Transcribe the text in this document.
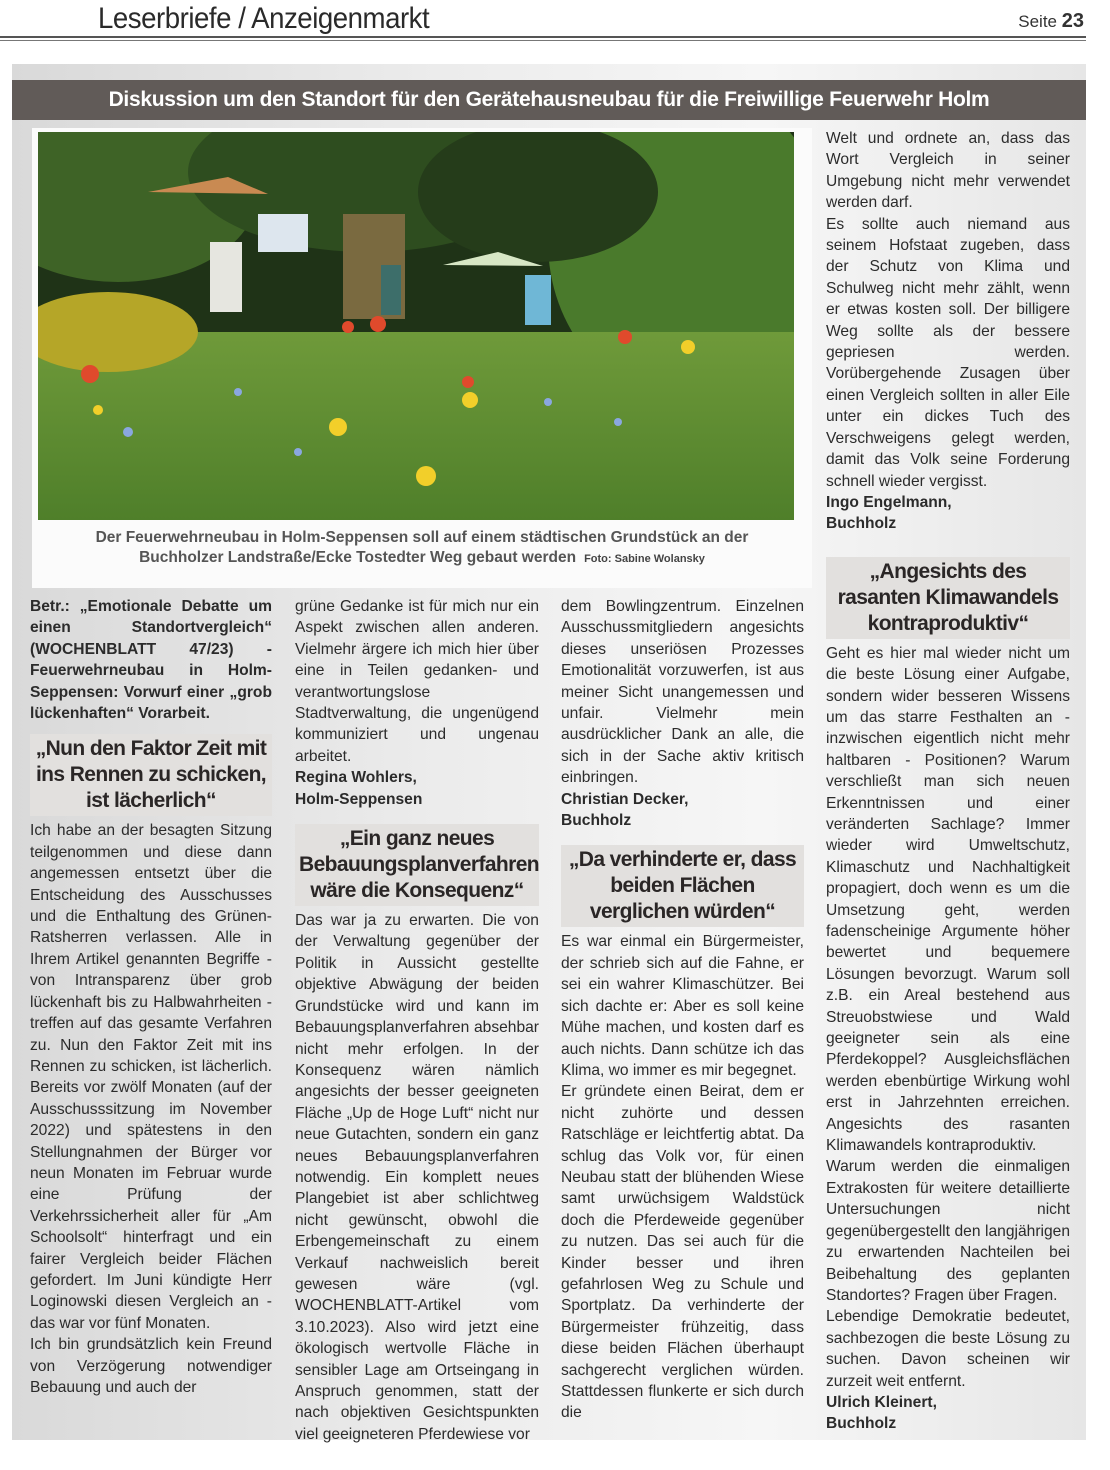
Leserbriefe / Anzeigenmarkt	Seite 23
Diskussion um den Standort für den Gerätehausneubau für die Freiwillige Feuerwehr Holm
Der Feuerwehrneubau in Holm-Seppensen soll auf einem städtischen Grundstück an der
Buchholzer Landstraße/Ecke Tostedter Weg gebaut werden Foto: Sabine Wolansky

Betr.: „Emotionale Debatte um einen Standortvergleich“ (WOCHENBLATT 47/23) - Feuerwehrneubau in Holm-Seppensen: Vorwurf einer „grob lückenhaften“ Vorarbeit.

„Nun den Faktor Zeit mit ins Rennen zu schicken, ist lächerlich“

Ich habe an der besagten Sitzung teilgenommen und diese dann angemessen entsetzt über die Entscheidung des Ausschusses und die Enthaltung des Grünen-Ratsherren verlassen. Alle in Ihrem Artikel genannten Begriffe - von Intransparenz über grob lückenhaft bis zu Halbwahrheiten - treffen auf das gesamte Verfahren zu. Nun den Faktor Zeit mit ins Rennen zu schicken, ist lächerlich. Bereits vor zwölf Monaten (auf der Ausschusssitzung im November 2022) und spätestens in den Stellungnahmen der Bürger vor neun Monaten im Februar wurde eine Prüfung der Verkehrssicherheit aller für „Am Schoolsolt“ hinterfragt und ein fairer Vergleich beider Flächen gefordert. Im Juni kündigte Herr Loginowski diesen Vergleich an - das war vor fünf Monaten.

Ich bin grundsätzlich kein Freund von Verzögerung notwendiger Bebauung und auch der

grüne Gedanke ist für mich nur ein Aspekt zwischen allen anderen. Vielmehr ärgere ich mich hier über eine in Teilen gedanken- und verantwortungslose Stadtverwaltung, die ungenügend kommuniziert und ungenau arbeitet.

Regina Wohlers,

Holm-Seppensen

„Ein ganz neues Bebauungsplanverfahren wäre die Konsequenz“

Das war ja zu erwarten. Die von der Verwaltung gegenüber der Politik in Aussicht gestellte objektive Abwägung der beiden Grundstücke wird und kann im Bebauungsplanverfahren absehbar nicht mehr erfolgen. In der Konsequenz wären nämlich angesichts der besser geeigneten Fläche „Up de Hoge Luft“ nicht nur neue Gutachten, sondern ein ganz neues Bebauungsplanverfahren notwendig. Ein komplett neues Plangebiet ist aber schlichtweg nicht gewünscht, obwohl die Erbengemeinschaft zu einem Verkauf nachweislich bereit gewesen wäre (vgl. WOCHENBLATT-Artikel vom 3.10.2023). Also wird jetzt eine ökologisch wertvolle Fläche in sensibler Lage am Ortseingang in Anspruch genommen, statt der nach objektiven Gesichtspunkten viel geeigneteren Pferdewiese vor

dem Bowlingzentrum. Einzelnen Ausschussmitgliedern angesichts dieses unseriösen Prozesses Emotionalität vorzuwerfen, ist aus meiner Sicht unangemessen und unfair. Vielmehr mein ausdrücklicher Dank an alle, die sich in der Sache aktiv kritisch einbringen.

Christian Decker,

Buchholz

„Da verhinderte er, dass beiden Flächen verglichen würden“

Es war einmal ein Bürgermeister, der schrieb sich auf die Fahne, er sei ein wahrer Klimaschützer. Bei sich dachte er: Aber es soll keine Mühe machen, und kosten darf es auch nichts. Dann schütze ich das Klima, wo immer es mir begegnet.

Er gründete einen Beirat, dem er nicht zuhörte und dessen Ratschläge er leichtfertig abtat. Da schlug das Volk vor, für einen Neubau statt der blühenden Wiese samt urwüchsigem Waldstück doch die Pferdeweide gegenüber zu nutzen. Das sei auch für die Kinder besser und ihren gefahrlosen Weg zu Schule und Sportplatz. Da verhinderte der Bürgermeister frühzeitig, dass diese beiden Flächen überhaupt sachgerecht verglichen würden. Stattdessen flunkerte er sich durch die

Welt und ordnete an, dass das Wort Vergleich in seiner Umgebung nicht mehr verwendet werden darf.

Es sollte auch niemand aus seinem Hofstaat zugeben, dass der Schutz von Klima und Schulweg nicht mehr zählt, wenn er etwas kosten soll. Der billigere Weg sollte als der bessere gepriesen werden. Vorübergehende Zusagen über einen Vergleich sollten in aller Eile unter ein dickes Tuch des Verschweigens gelegt werden, damit das Volk seine Forderung schnell wieder vergisst.

Ingo Engelmann,

Buchholz

„Angesichts des rasanten Klimawandels kontraproduktiv“

Geht es hier mal wieder nicht um die beste Lösung einer Aufgabe, sondern wider besseren Wissens um das starre Festhalten an - inzwischen eigentlich nicht mehr haltbaren - Positionen? Warum verschließt man sich neuen Erkenntnissen und einer veränderten Sachlage? Immer wieder wird Umweltschutz, Klimaschutz und Nachhaltigkeit propagiert, doch wenn es um die Umsetzung geht, werden fadenscheinige Argumente höher bewertet und bequemere Lösungen bevorzugt. Warum soll z.B. ein Areal bestehend aus Streuobstwiese und Wald geeigneter sein als eine Pferdekoppel? Ausgleichsflächen werden ebenbürtige Wirkung wohl erst in Jahrzehnten erreichen. Angesichts des rasanten Klimawandels kontraproduktiv.

Warum werden die einmaligen Extrakosten für weitere detaillierte Untersuchungen nicht gegenübergestellt den langjährigen zu erwartenden Nachteilen bei Beibehaltung des geplanten Standortes? Fragen über Fragen.

Lebendige Demokratie bedeutet, sachbezogen die beste Lösung zu suchen. Davon scheinen wir zurzeit weit entfernt.

Ulrich Kleinert,

Buchholz
